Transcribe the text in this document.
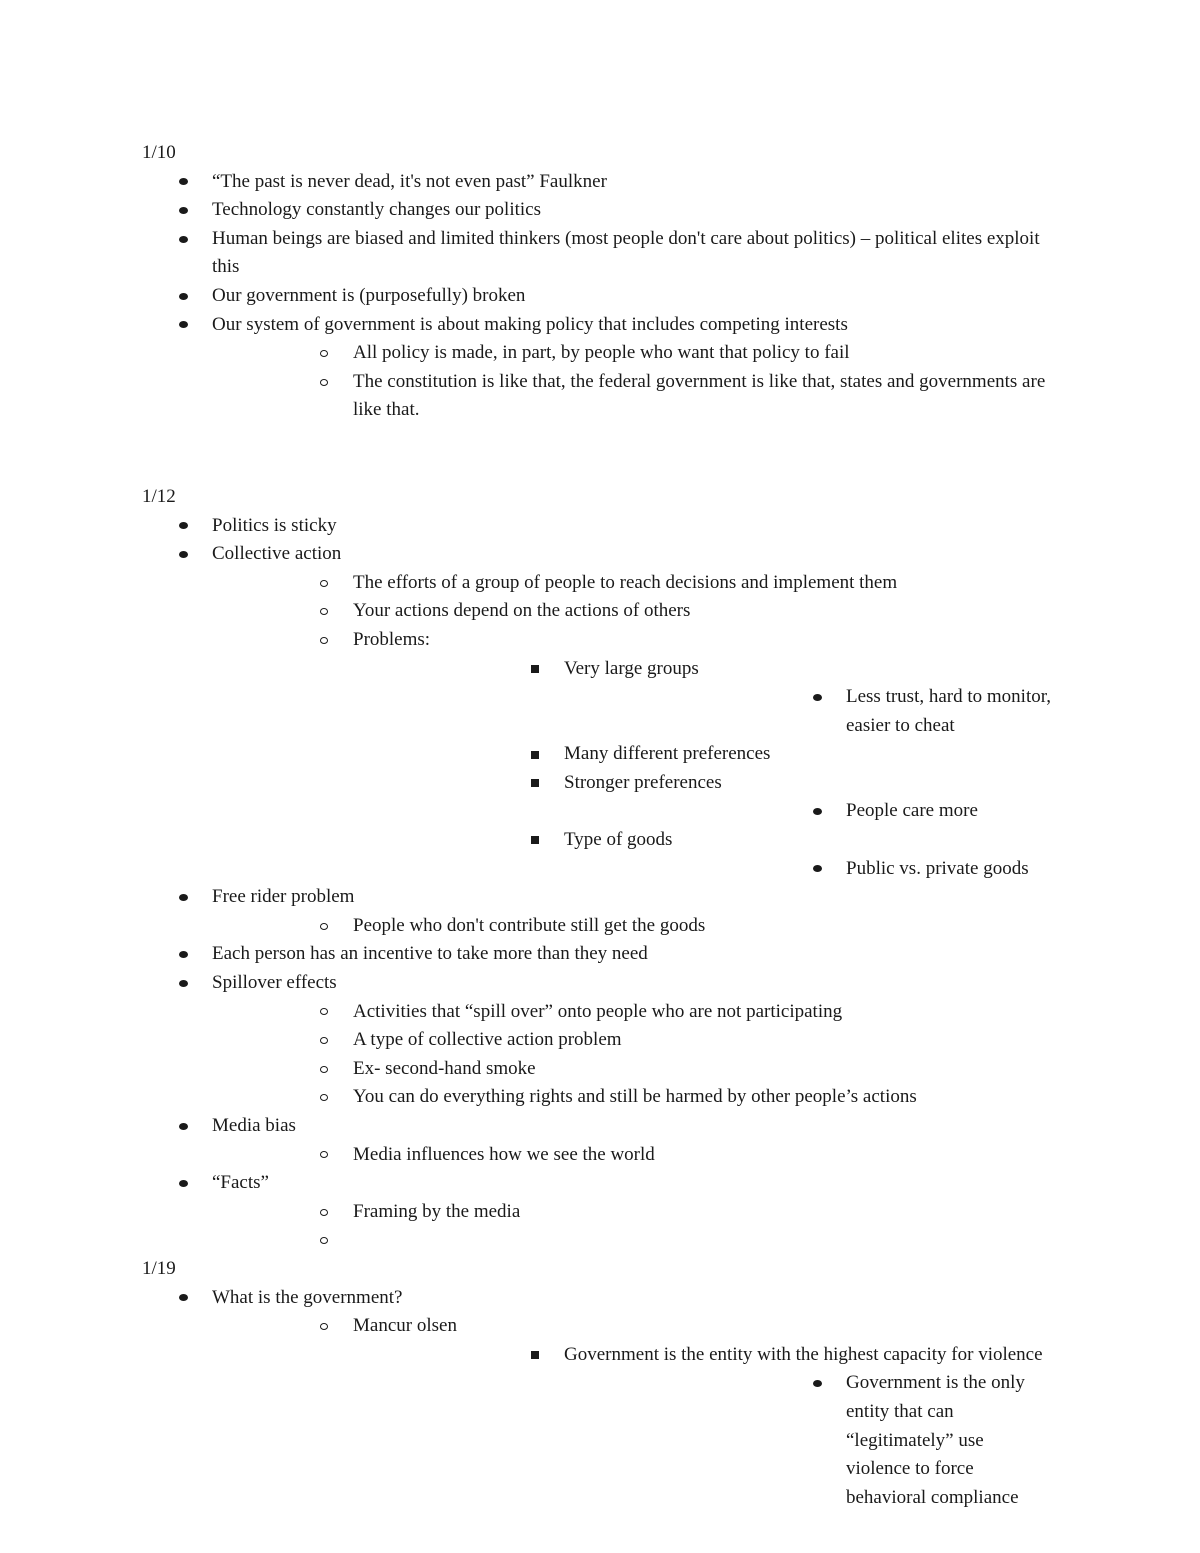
1/10
“The past is never dead, it's not even past” Faulkner
Technology constantly changes our politics
Human beings are biased and limited thinkers (most people don't care about politics) – political elites exploit this
Our government is (purposefully) broken
Our system of government is about making policy that includes competing interests
All policy is made, in part, by people who want that policy to fail
The constitution is like that, the federal government is like that, states and governments are like that.
1/12
Politics is sticky
Collective action
The efforts of a group of people to reach decisions and implement them
Your actions depend on the actions of others
Problems:
Very large groups
Less trust, hard to monitor, easier to cheat
Many different preferences
Stronger preferences
People care more
Type of goods
Public vs. private goods
Free rider problem
People who don't contribute still get the goods
Each person has an incentive to take more than they need
Spillover effects
Activities that “spill over” onto people who are not participating
A type of collective action problem
Ex- second-hand smoke
You can do everything rights and still be harmed by other people’s actions
Media bias
Media influences how we see the world
“Facts”
Framing by the media
1/19
What is the government?
Mancur olsen
Government is the entity with the highest capacity for violence
Government is the only entity that can “legitimately” use violence to force behavioral compliance
